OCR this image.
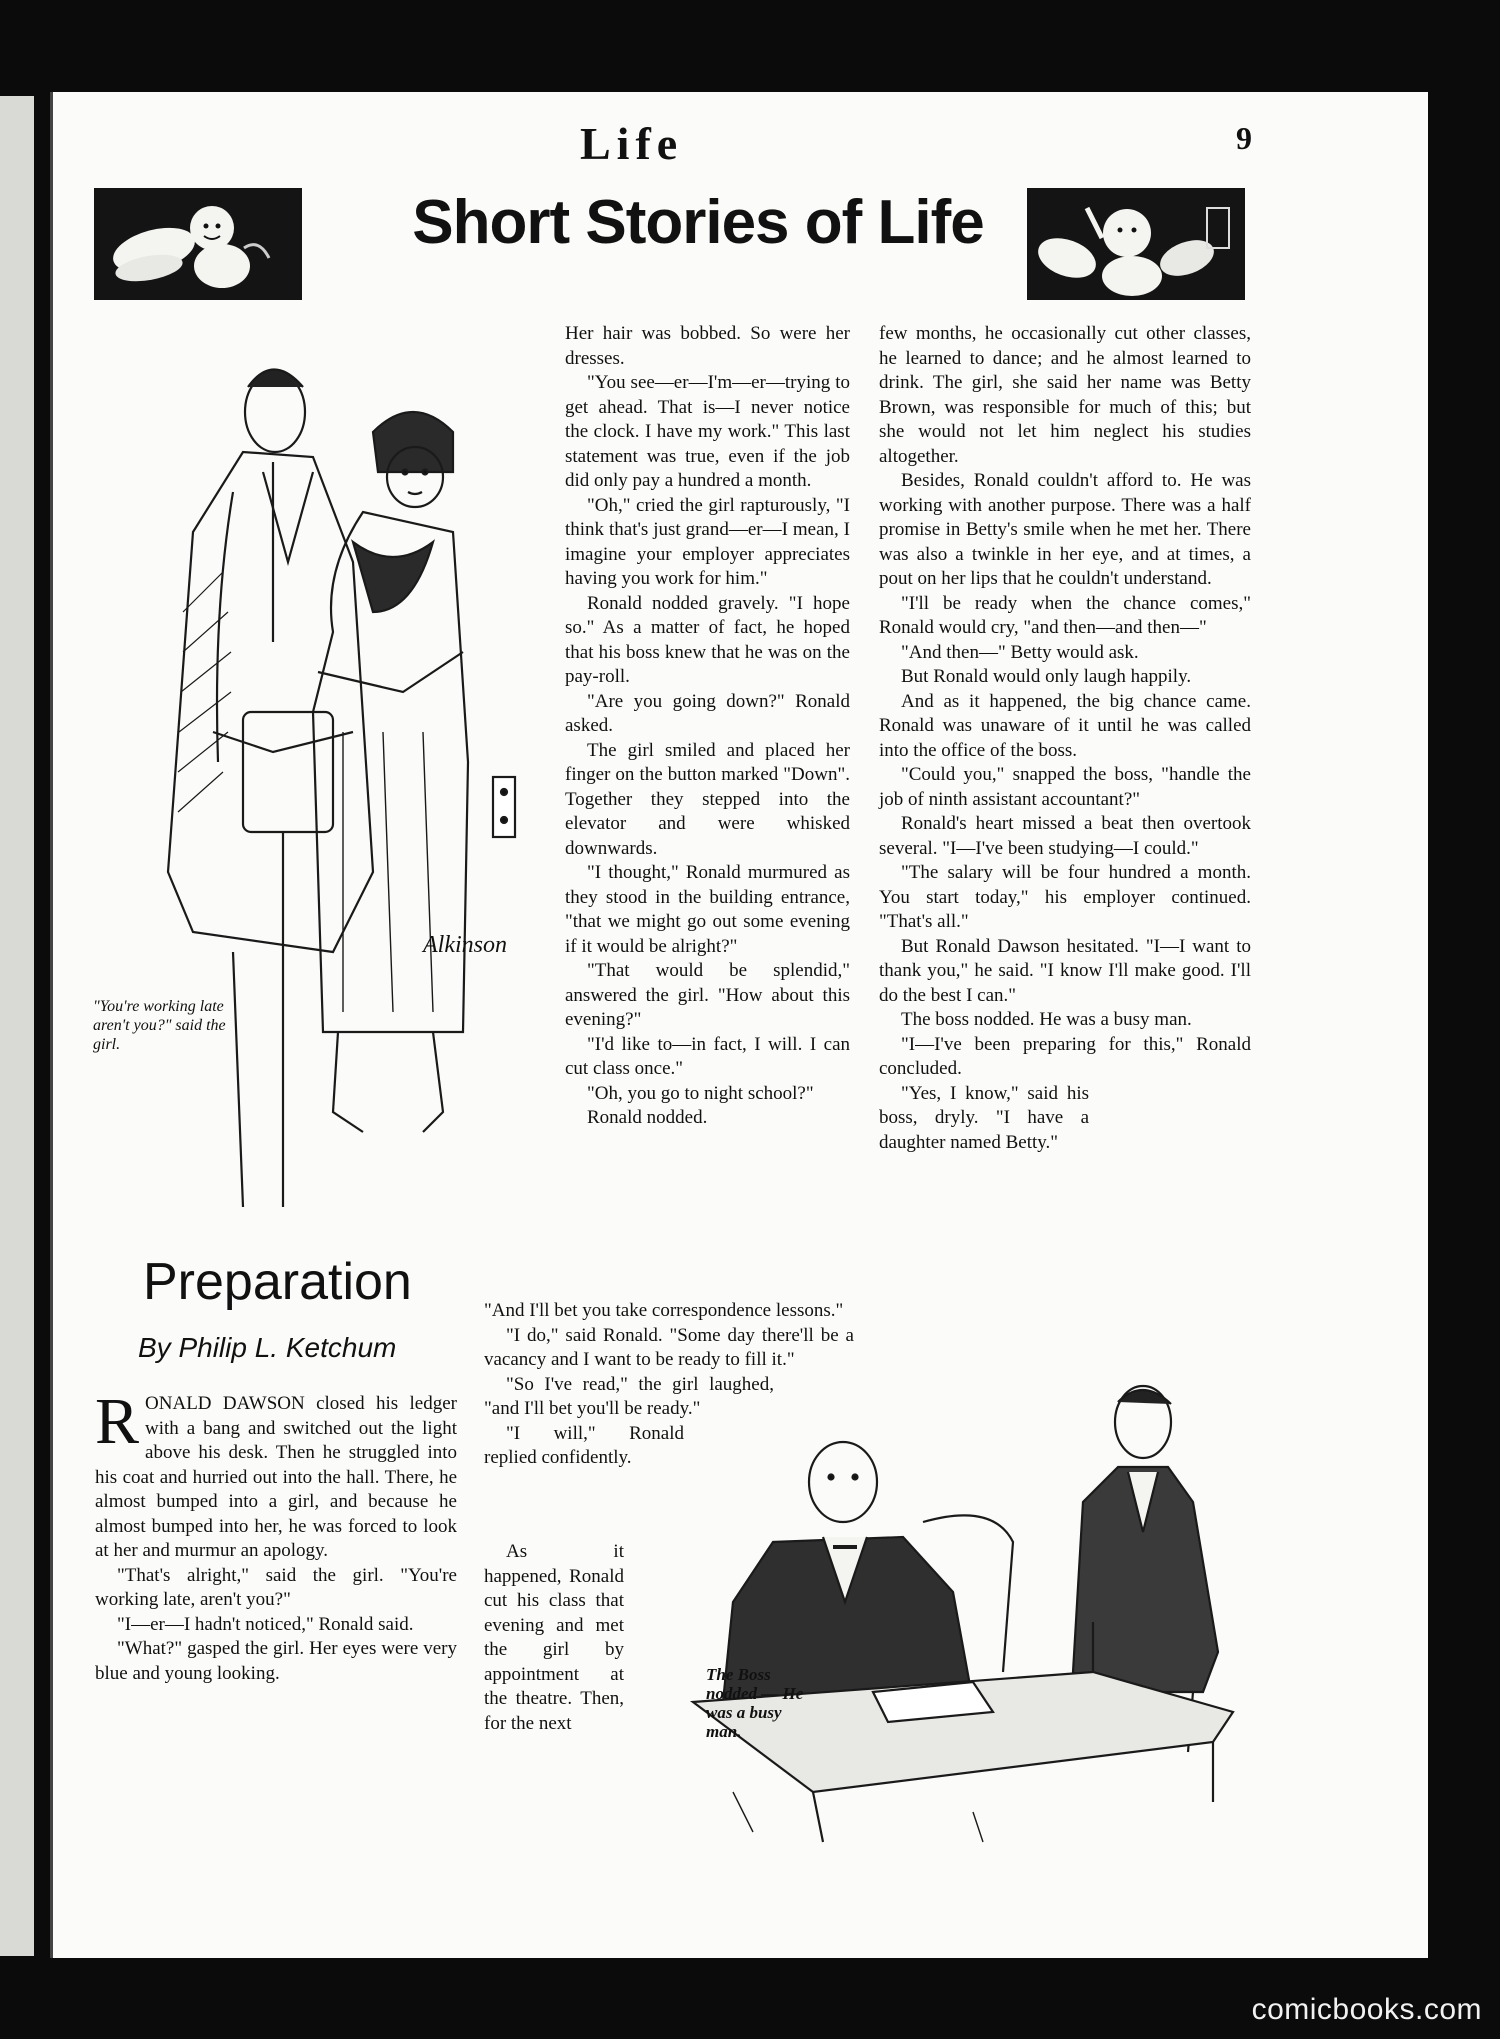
Life	9
Short Stories of Life
Alkinson
"You're working late aren't you?" said the girl.
Preparation
By Philip L. Ketchum

RONALD DAWSON closed his ledger with a bang and switched out the light above his desk. Then he struggled into his coat and hurried out into the hall. There, he almost bumped into a girl, and because he almost bumped into her, he was forced to look at her and murmur an apology.

"That's alright," said the girl. "You're working late, aren't you?"

"I—er—I hadn't noticed," Ronald said.

"What?" gasped the girl. Her eyes were very blue and young looking.

Her hair was bobbed. So were her dresses.

"You see—er—I'm—er—trying to get ahead. That is—I never notice the clock. I have my work." This last statement was true, even if the job did only pay a hundred a month.

"Oh," cried the girl rapturously, "I think that's just grand—er—I mean, I imagine your employer appreciates having you work for him."

Ronald nodded gravely. "I hope so." As a matter of fact, he hoped that his boss knew that he was on the pay-roll.

"Are you going down?" Ronald asked.

The girl smiled and placed her finger on the button marked "Down". Together they stepped into the elevator and were whisked downwards.

"I thought," Ronald murmured as they stood in the building entrance, "that we might go out some evening if it would be alright?"

"That would be splendid," answered the girl. "How about this evening?"

"I'd like to—in fact, I will. I can cut class once."

"Oh, you go to night school?"

Ronald nodded.

"And I'll bet you take correspondence lessons."

"I do," said Ronald. "Some day there'll be a vacancy and I want to be ready to fill it."

"So I've read," the girl laughed, "and I'll bet you'll be ready."

"I will," Ronald replied confidently.

As it happened, Ronald cut his class that evening and met the girl by appointment at the theatre. Then, for the next

few months, he occasionally cut other classes, he learned to dance; and he almost learned to drink. The girl, she said her name was Betty Brown, was responsible for much of this; but she would not let him neglect his studies altogether.

Besides, Ronald couldn't afford to. He was working with another purpose. There was a half promise in Betty's smile when he met her. There was also a twinkle in her eye, and at times, a pout on her lips that he couldn't understand.

"I'll be ready when the chance comes," Ronald would cry, "and then—and then—"

"And then—" Betty would ask.

But Ronald would only laugh happily.

And as it happened, the big chance came. Ronald was unaware of it until he was called into the office of the boss.

"Could you," snapped the boss, "handle the job of ninth assistant accountant?"

Ronald's heart missed a beat then overtook several. "I—I've been studying—I could."

"The salary will be four hundred a month. You start today," his employer continued. "That's all."

But Ronald Dawson hesitated. "I—I want to thank you," he said. "I know I'll make good. I'll do the best I can."

The boss nodded. He was a busy man.

"I—I've been preparing for this," Ronald concluded.

"Yes, I know," said his boss, dryly. "I have a daughter named Betty."

The Boss nodded — He was a busy man.
comicbooks.com
